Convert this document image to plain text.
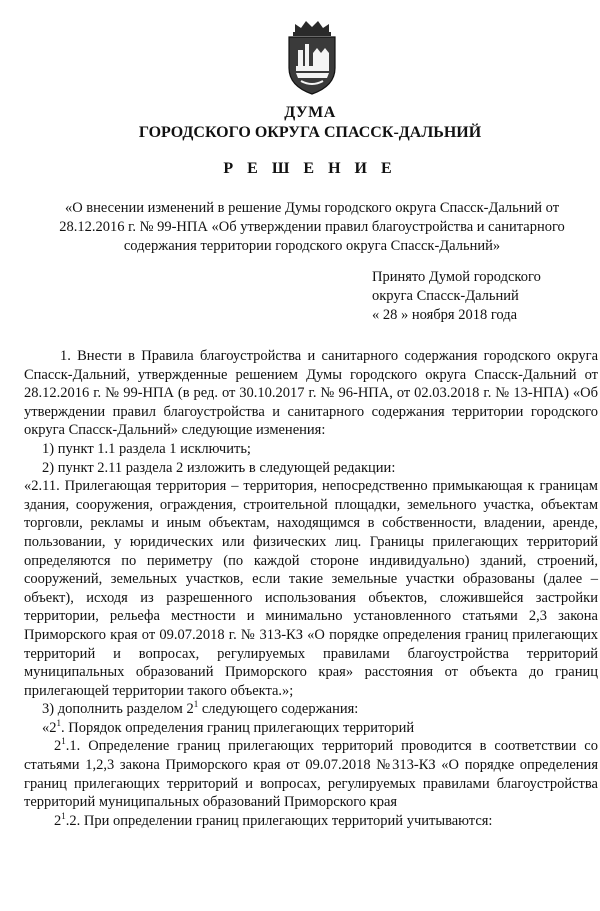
ДУМА
ГОРОДСКОГО ОКРУГА СПАССК-ДАЛЬНИЙ
Р Е Ш Е Н И Е
«О внесении изменений в решение Думы городского округа Спасск-Дальний от 28.12.2016 г. № 99-НПА «Об утверждении правил благоустройства и санитарного содержания территории городского округа Спасск-Дальний»
Принято Думой городского
округа Спасск-Дальний
« 28 » ноября 2018 года

1. Внести в Правила благоустройства и санитарного содержания городского округа Спасск-Дальний, утвержденные решением Думы городского округа Спасск-Дальний от 28.12.2016 г. № 99-НПА (в ред. от 30.10.2017 г. № 96-НПА, от 02.03.2018 г. № 13-НПА) «Об утверждении правил благоустройства и санитарного содержания территории городского округа Спасск-Дальний» следующие изменения:

1) пункт 1.1 раздела 1 исключить;

2) пункт 2.11 раздела 2 изложить в следующей редакции:

«2.11. Прилегающая территория – территория, непосредственно примыкающая к границам здания, сооружения, ограждения, строительной площадки, земельного участка, объектам торговли, рекламы и иным объектам, находящимся в собственности, владении, аренде, пользовании, у юридических или физических лиц. Границы прилегающих территорий определяются по периметру (по каждой стороне индивидуально) зданий, строений, сооружений, земельных участков, если такие земельные участки образованы (далее – объект), исходя из разрешенного использования объектов, сложившейся застройки территории, рельефа местности и минимально установленного статьями 2,3 закона Приморского края от 09.07.2018 г. № 313-КЗ «О порядке определения границ прилегающих территорий и вопросах, регулируемых правилами благоустройства территорий муниципальных образований Приморского края» расстояния от объекта до границ прилегающей территории такого объекта.»;

3) дополнить разделом $2^1$ следующего содержания:

«$2^1$. Порядок определения границ прилегающих территорий

$2^1.1$. Определение границ прилегающих территорий проводится в соответствии со статьями 1,2,3 закона Приморского края от 09.07.2018 №313-КЗ «О порядке определения границ прилегающих территорий и вопросах, регулируемых правилами благоустройства территорий муниципальных образований Приморского края

$2^1.2$. При определении границ прилегающих территорий учитываются:
